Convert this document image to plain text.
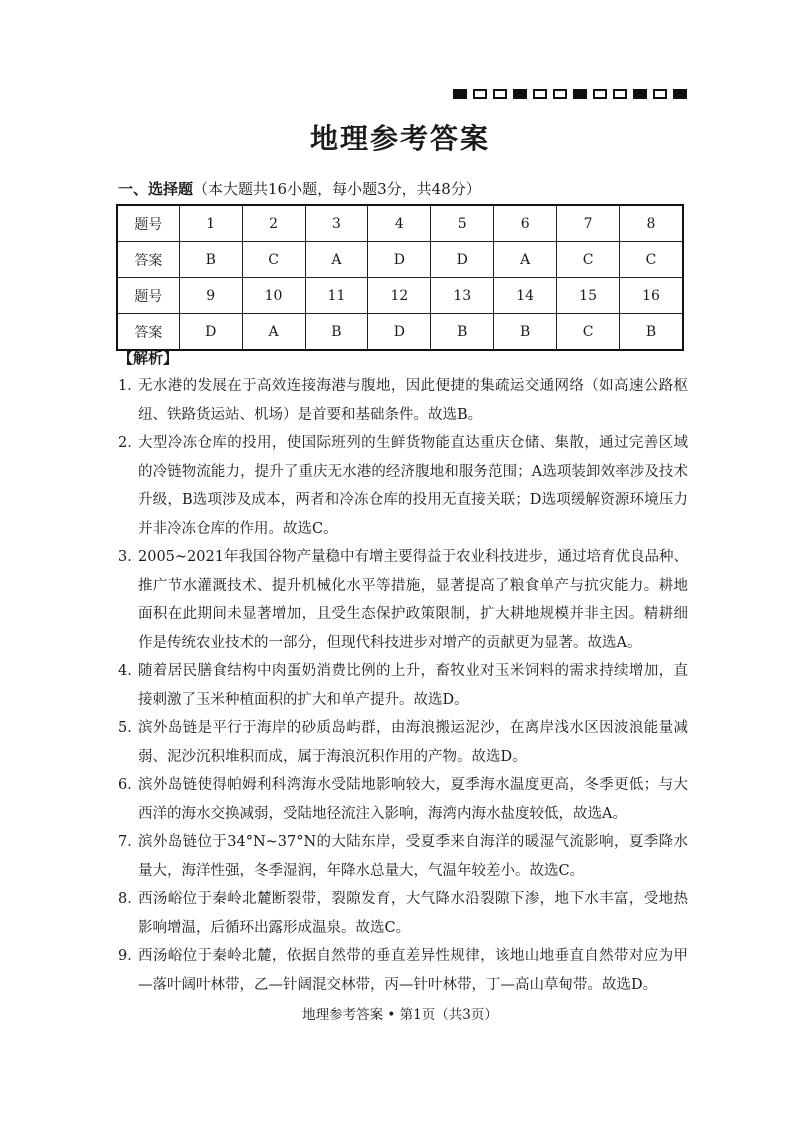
地理参考答案
一、选择题（本大题共16小题，每小题3分，共48分）
题号	1	2	3	4	5	6	7	8
答案	B	C	A	D	D	A	C	C
题号	9	10	11	12	13	14	15	16
答案	D	A	B	D	B	B	C	B
【解析】
1．
无水港的发展在于高效连接海港与腹地，因此便捷的集疏运交通网络（如高速公路枢纽、铁路货运站、机场）是首要和基础条件。故选B。
2．
大型冷冻仓库的投用，使国际班列的生鲜货物能直达重庆仓储、集散，通过完善区域的冷链物流能力，提升了重庆无水港的经济腹地和服务范围；A选项装卸效率涉及技术升级，B选项涉及成本，两者和冷冻仓库的投用无直接关联；D选项缓解资源环境压力并非冷冻仓库的作用。故选C。
3．
2005~2021年我国谷物产量稳中有增主要得益于农业科技进步，通过培育优良品种、推广节水灌溉技术、提升机械化水平等措施，显著提高了粮食单产与抗灾能力。耕地面积在此期间未显著增加，且受生态保护政策限制，扩大耕地规模并非主因。精耕细作是传统农业技术的一部分，但现代科技进步对增产的贡献更为显著。故选A。
4．
随着居民膳食结构中肉蛋奶消费比例的上升，畜牧业对玉米饲料的需求持续增加，直接刺激了玉米种植面积的扩大和单产提升。故选D。
5．
滨外岛链是平行于海岸的砂质岛屿群，由海浪搬运泥沙，在离岸浅水区因波浪能量减弱、泥沙沉积堆积而成，属于海浪沉积作用的产物。故选D。
6．
滨外岛链使得帕姆利科湾海水受陆地影响较大，夏季海水温度更高，冬季更低；与大西洋的海水交换减弱，受陆地径流注入影响，海湾内海水盐度较低，故选A。
7．
滨外岛链位于34°N~37°N的大陆东岸，受夏季来自海洋的暖湿气流影响，夏季降水量大，海洋性强，冬季湿润，年降水总量大，气温年较差小。故选C。
8．
西汤峪位于秦岭北麓断裂带，裂隙发育，大气降水沿裂隙下渗，地下水丰富，受地热影响增温，后循环出露形成温泉。故选C。
9．
西汤峪位于秦岭北麓，依据自然带的垂直差异性规律，该地山地垂直自然带对应为甲—落叶阔叶林带，乙—针阔混交林带，丙—针叶林带，丁—高山草甸带。故选D。
地理参考答案 • 第1页（共3页）
